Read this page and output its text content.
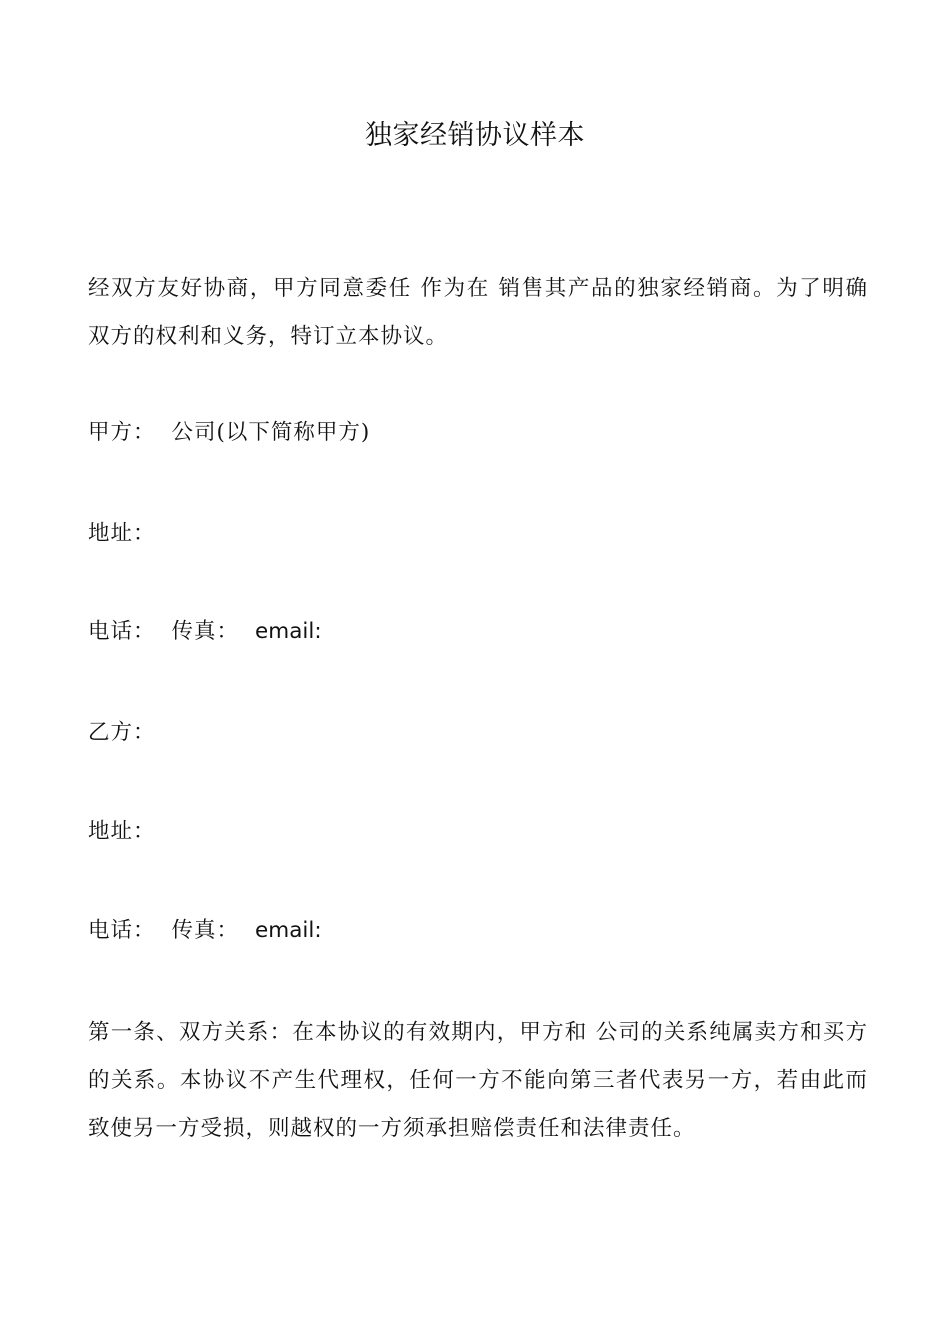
独家经销协议样本
经双方友好协商，甲方同意委任 作为在 销售其产品的独家经销商。为了明确双方的权利和义务，特订立本协议。
甲方： 公司(以下简称甲方)
地址：
电话： 传真： email:
乙方：
地址：
电话： 传真： email:
第一条、双方关系：在本协议的有效期内，甲方和 公司的关系纯属卖方和买方的关系。本协议不产生代理权，任何一方不能向第三者代表另一方，若由此而致使另一方受损，则越权的一方须承担赔偿责任和法律责任。
